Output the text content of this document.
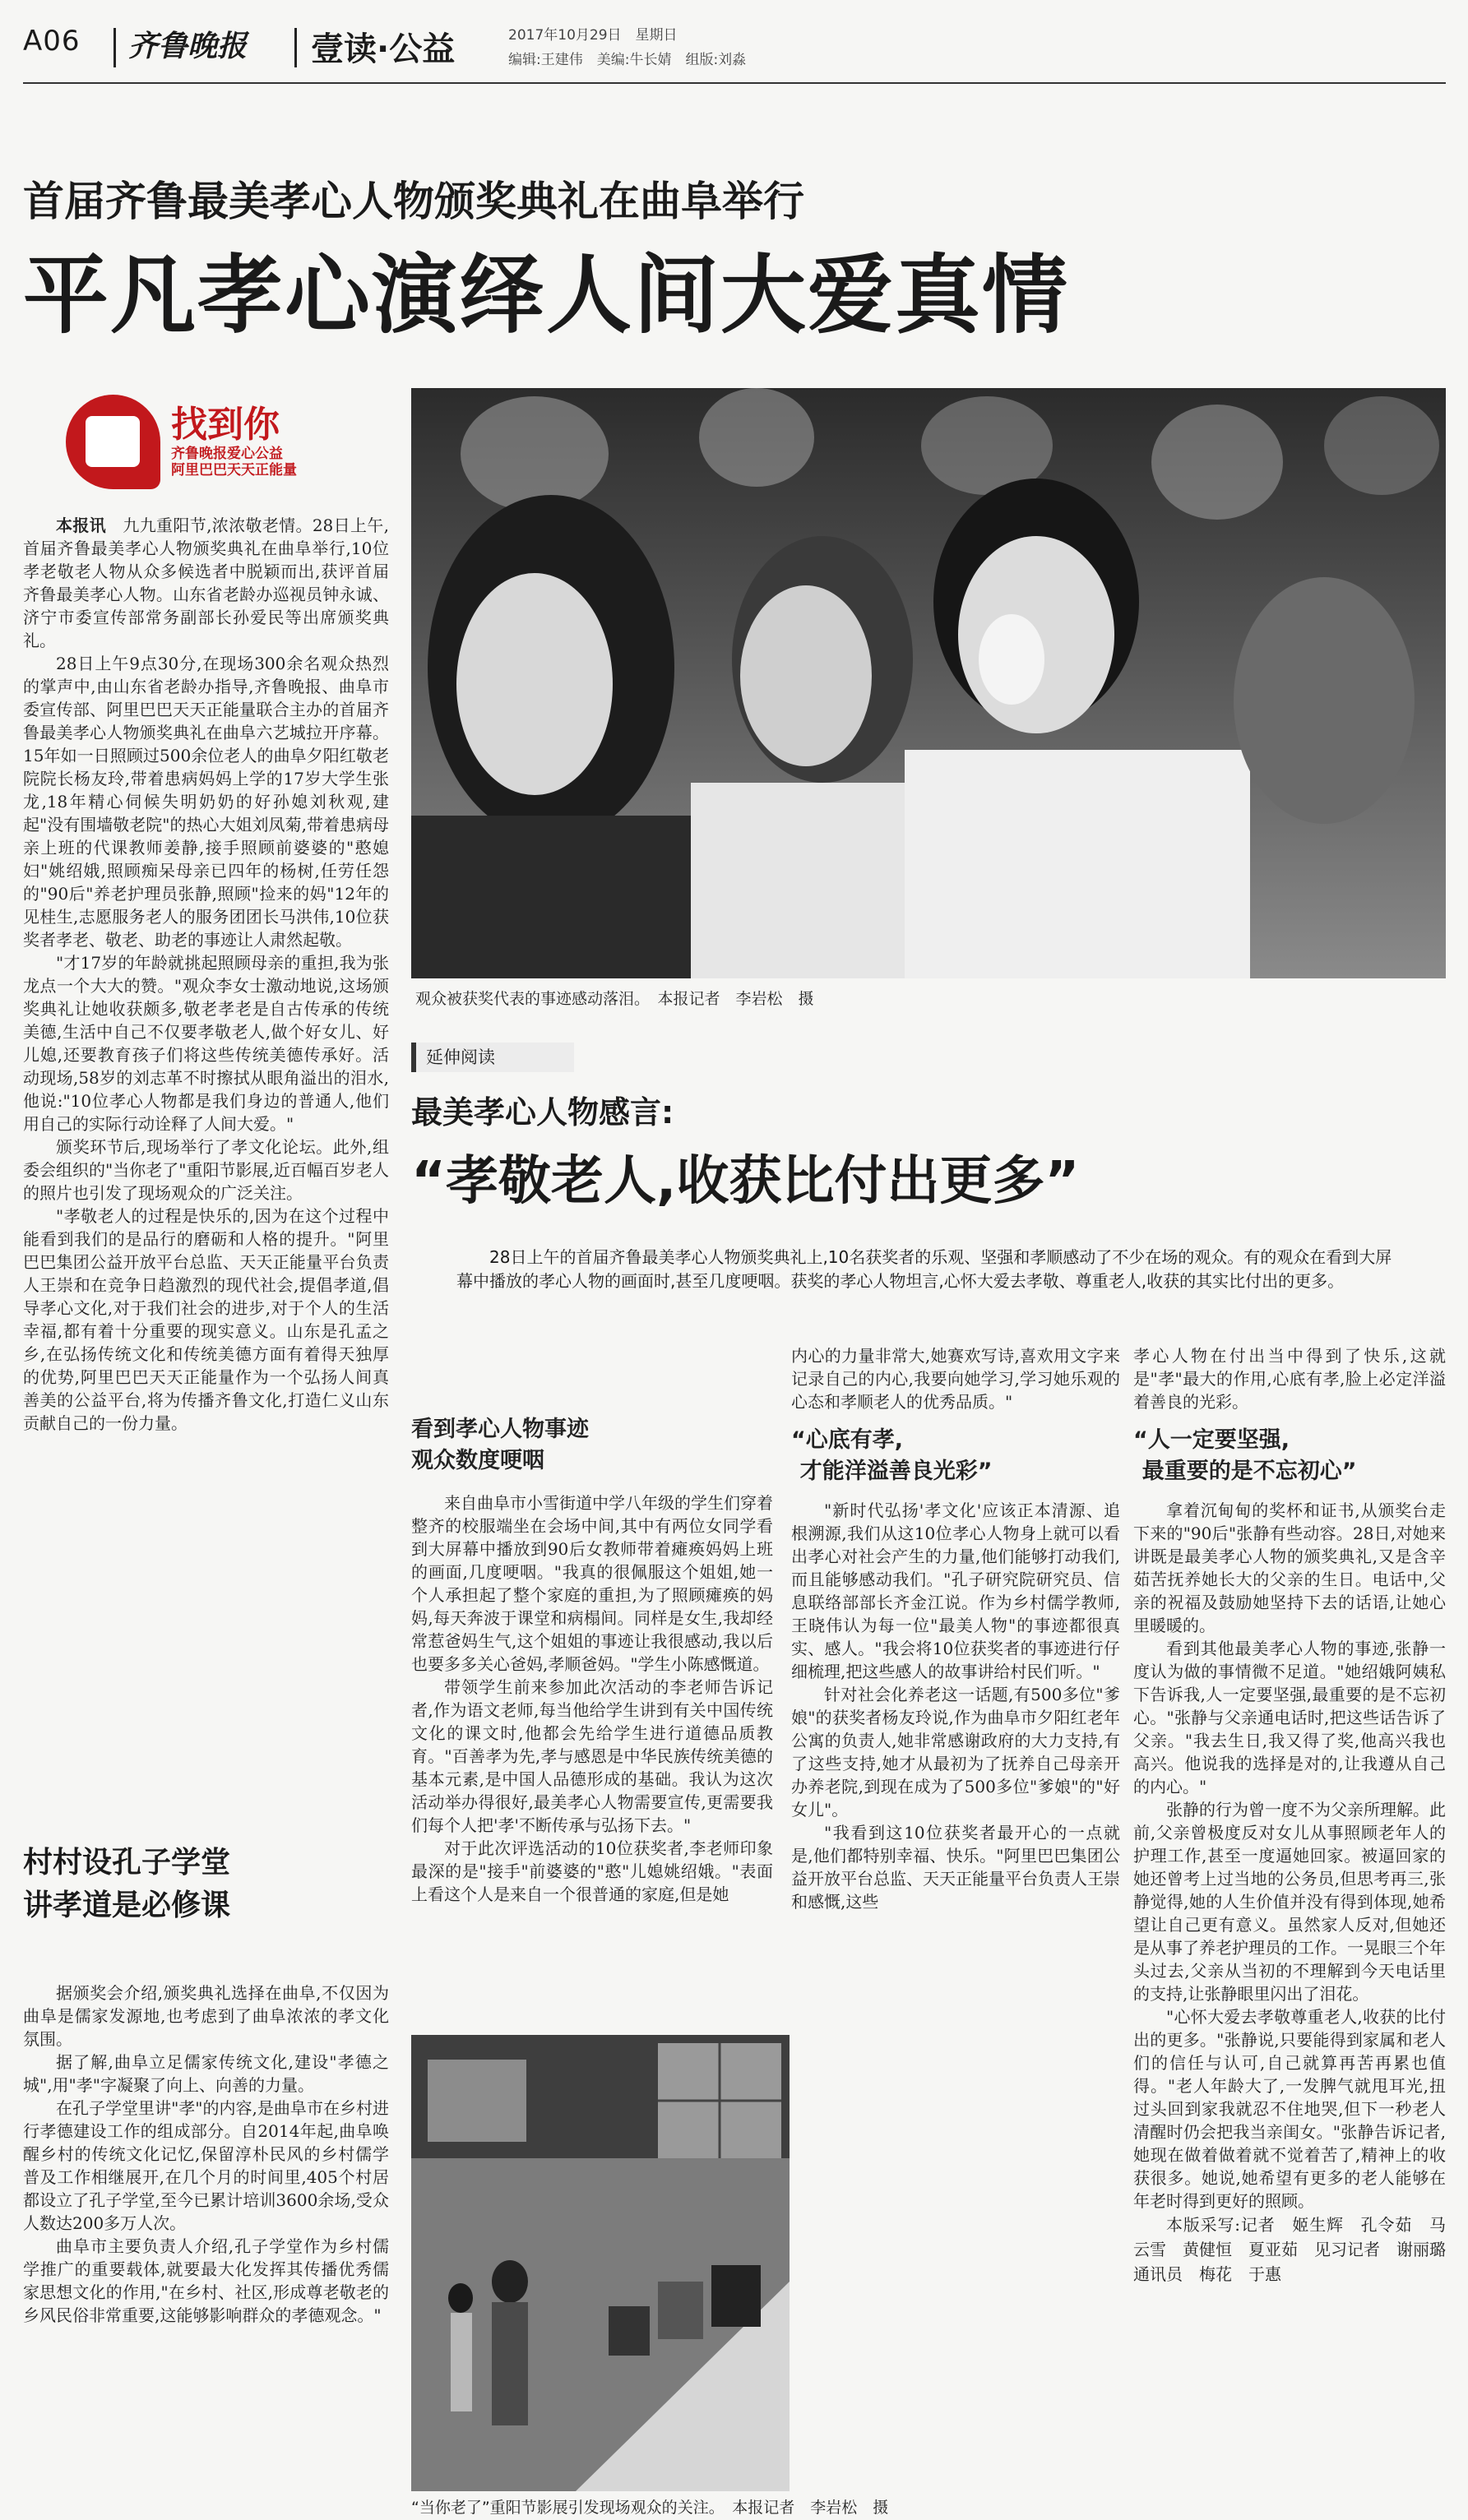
A06 齐鲁晚报 壹读·公益	2017年10月29日　星期日
编辑:王建伟　美编:牛长婧　组版:刘淼
首届齐鲁最美孝心人物颁奖典礼在曲阜举行
平凡孝心演绎人间大爱真情
找到你
齐鲁晚报爱心公益
阿里巴巴天天正能量

本报讯　 九九重阳节,浓浓敬老情。28日上午,首届齐鲁最美孝心人物颁奖典礼在曲阜举行,10位孝老敬老人物从众多候选者中脱颖而出,获评首届齐鲁最美孝心人物。山东省老龄办巡视员钟永诚、济宁市委宣传部常务副部长孙爱民等出席颁奖典礼。

28日上午9点30分,在现场300余名观众热烈的掌声中,由山东省老龄办指导,齐鲁晚报、曲阜市委宣传部、阿里巴巴天天正能量联合主办的首届齐鲁最美孝心人物颁奖典礼在曲阜六艺城拉开序幕。15年如一日照顾过500余位老人的曲阜夕阳红敬老院院长杨友玲,带着患病妈妈上学的17岁大学生张龙,18年精心伺候失明奶奶的好孙媳刘秋观,建起"没有围墙敬老院"的热心大姐刘凤菊,带着患病母亲上班的代课教师姜静,接手照顾前婆婆的"憨媳妇"姚绍娥,照顾痴呆母亲已四年的杨树,任劳任怨的"90后"养老护理员张静,照顾"捡来的妈"12年的见桂生,志愿服务老人的服务团团长马洪伟,10位获奖者孝老、敬老、助老的事迹让人肃然起敬。

"才17岁的年龄就挑起照顾母亲的重担,我为张龙点一个大大的赞。"观众李女士激动地说,这场颁奖典礼让她收获颇多,敬老孝老是自古传承的传统美德,生活中自己不仅要孝敬老人,做个好女儿、好儿媳,还要教育孩子们将这些传统美德传承好。活动现场,58岁的刘志革不时擦拭从眼角溢出的泪水,他说:"10位孝心人物都是我们身边的普通人,他们用自己的实际行动诠释了人间大爱。"

颁奖环节后,现场举行了孝文化论坛。此外,组委会组织的"当你老了"重阳节影展,近百幅百岁老人的照片也引发了现场观众的广泛关注。

"孝敬老人的过程是快乐的,因为在这个过程中能看到我们的是品行的磨砺和人格的提升。"阿里巴巴集团公益开放平台总监、天天正能量平台负责人王崇和在竞争日趋激烈的现代社会,提倡孝道,倡导孝心文化,对于我们社会的进步,对于个人的生活幸福,都有着十分重要的现实意义。山东是孔孟之乡,在弘扬传统文化和传统美德方面有着得天独厚的优势,阿里巴巴天天正能量作为一个弘扬人间真善美的公益平台,将为传播齐鲁文化,打造仁义山东贡献自己的一份力量。

村村设孔子学堂
讲孝道是必修课

据颁奖会介绍,颁奖典礼选择在曲阜,不仅因为曲阜是儒家发源地,也考虑到了曲阜浓浓的孝文化氛围。

据了解,曲阜立足儒家传统文化,建设"孝德之城",用"孝"字凝聚了向上、向善的力量。

在孔子学堂里讲"孝"的内容,是曲阜市在乡村进行孝德建设工作的组成部分。自2014年起,曲阜唤醒乡村的传统文化记忆,保留淳朴民风的乡村儒学普及工作相继展开,在几个月的时间里,405个村居都设立了孔子学堂,至今已累计培训3600余场,受众人数达200多万人次。

曲阜市主要负责人介绍,孔子学堂作为乡村儒学推广的重要载体,就要最大化发挥其传播优秀儒家思想文化的作用,"在乡村、社区,形成尊老敬老的乡风民俗非常重要,这能够影响群众的孝德观念。"

观众被获奖代表的事迹感动落泪。　本报记者　李岩松　摄
延伸阅读
最美孝心人物感言:
“孝敬老人,收获比付出更多”

28日上午的首届齐鲁最美孝心人物颁奖典礼上,10名获奖者的乐观、坚强和孝顺感动了不少在场的观众。有的观众在看到大屏幕中播放的孝心人物的画面时,甚至几度哽咽。获奖的孝心人物坦言,心怀大爱去孝敬、尊重老人,收获的其实比付出的更多。

看到孝心人物事迹
观众数度哽咽

来自曲阜市小雪街道中学八年级的学生们穿着整齐的校服端坐在会场中间,其中有两位女同学看到大屏幕中播放到90后女教师带着瘫痪妈妈上班的画面,几度哽咽。"我真的很佩服这个姐姐,她一个人承担起了整个家庭的重担,为了照顾瘫痪的妈妈,每天奔波于课堂和病榻间。同样是女生,我却经常惹爸妈生气,这个姐姐的事迹让我很感动,我以后也要多多关心爸妈,孝顺爸妈。"学生小陈感慨道。

带领学生前来参加此次活动的李老师告诉记者,作为语文老师,每当他给学生讲到有关中国传统文化的课文时,他都会先给学生进行道德品质教育。"百善孝为先,孝与感恩是中华民族传统美德的基本元素,是中国人品德形成的基础。我认为这次活动举办得很好,最美孝心人物需要宣传,更需要我们每个人把'孝'不断传承与弘扬下去。"

对于此次评选活动的10位获奖者,李老师印象最深的是"接手"前婆婆的"憨"儿媳姚绍娥。"表面上看这个人是来自一个很普通的家庭,但是她

内心的力量非常大,她赛欢写诗,喜欢用文字来记录自己的内心,我要向她学习,学习她乐观的心态和孝顺老人的优秀品质。"

“心底有孝,
才能洋溢善良光彩”

"新时代弘扬'孝文化'应该正本清源、追根溯源,我们从这10位孝心人物身上就可以看出孝心对社会产生的力量,他们能够打动我们,而且能够感动我们。"孔子研究院研究员、信息联络部部长齐金江说。作为乡村儒学教师,王晓伟认为每一位"最美人物"的事迹都很真实、感人。"我会将10位获奖者的事迹进行仔细梳理,把这些感人的故事讲给村民们听。"

针对社会化养老这一话题,有500多位"爹娘"的获奖者杨友玲说,作为曲阜市夕阳红老年公寓的负责人,她非常感谢政府的大力支持,有了这些支持,她才从最初为了抚养自己母亲开办养老院,到现在成为了500多位"爹娘"的"好女儿"。

"我看到这10位获奖者最开心的一点就是,他们都特别幸福、快乐。"阿里巴巴集团公益开放平台总监、天天正能量平台负责人王崇和感慨,这些

孝心人物在付出当中得到了快乐,这就是"孝"最大的作用,心底有孝,脸上必定洋溢着善良的光彩。

“人一定要坚强,
最重要的是不忘初心”

拿着沉甸甸的奖杯和证书,从颁奖台走下来的"90后"张静有些动容。28日,对她来讲既是最美孝心人物的颁奖典礼,又是含辛茹苦抚养她长大的父亲的生日。电话中,父亲的祝福及鼓励她坚持下去的话语,让她心里暖暖的。

看到其他最美孝心人物的事迹,张静一度认为做的事情微不足道。"她绍娥阿姨私下告诉我,人一定要坚强,最重要的是不忘初心。"张静与父亲通电话时,把这些话告诉了父亲。"我去生日,我又得了奖,他高兴我也高兴。他说我的选择是对的,让我遵从自己的内心。"

张静的行为曾一度不为父亲所理解。此前,父亲曾极度反对女儿从事照顾老年人的护理工作,甚至一度逼她回家。被逼回家的她还曾考上过当地的公务员,但思考再三,张静觉得,她的人生价值并没有得到体现,她希望让自己更有意义。虽然家人反对,但她还是从事了养老护理员的工作。一晃眼三个年头过去,父亲从当初的不理解到今天电话里的支持,让张静眼里闪出了泪花。

"心怀大爱去孝敬尊重老人,收获的比付出的更多。"张静说,只要能得到家属和老人们的信任与认可,自己就算再苦再累也值得。"老人年龄大了,一发脾气就甩耳光,扭过头回到家我就忍不住地哭,但下一秒老人清醒时仍会把我当亲闺女。"张静告诉记者,她现在做着做着就不觉着苦了,精神上的收获很多。她说,她希望有更多的老人能够在年老时得到更好的照顾。

本版采写:记者　姬生辉　孔令茹　马云雪　黄健恒　夏亚茹　见习记者　谢丽璐　通讯员　梅花　于惠
“当你老了”重阳节影展引发现场观众的关注。　本报记者　李岩松　摄
